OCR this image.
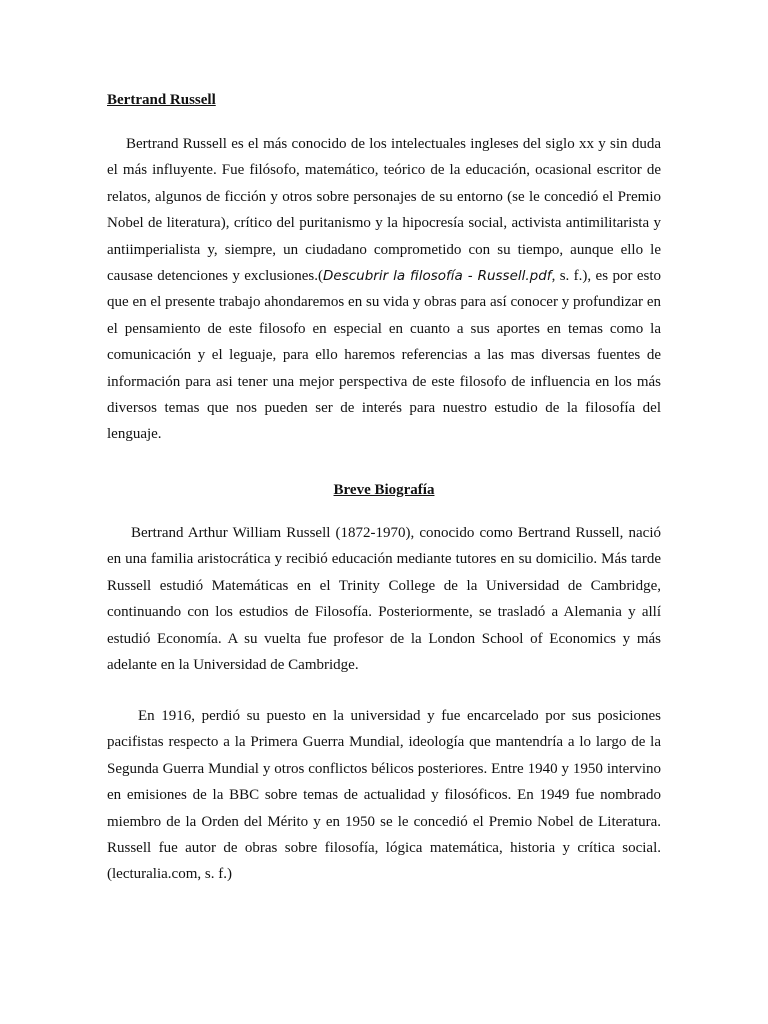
Bertrand Russell

Bertrand Russell es el más conocido de los intelectuales ingleses del siglo xx y sin duda el más influyente. Fue filósofo, matemático, teórico de la educación, ocasional escritor de relatos, algunos de ficción y otros sobre personajes de su entorno (se le concedió el Premio Nobel de literatura), crítico del puritanismo y la hipocresía social, activista antimilitarista y antiimperialista y, siempre, un ciudadano comprometido con su tiempo, aunque ello le causase detenciones y exclusiones.(Descubrir la filosofía - Russell.pdf, s. f.), es por esto que en el presente trabajo ahondaremos en su vida y obras para así conocer y profundizar en el pensamiento de este filosofo en especial en cuanto a sus aportes en temas como la comunicación y el leguaje, para ello haremos referencias a las mas diversas fuentes de información para asi tener una mejor perspectiva de este filosofo de influencia en los más diversos temas que nos pueden ser de interés para nuestro estudio de la filosofía del lenguaje.

Breve Biografía

Bertrand Arthur William Russell (1872-1970), conocido como Bertrand Russell, nació en una familia aristocrática y recibió educación mediante tutores en su domicilio. Más tarde Russell estudió Matemáticas en el Trinity College de la Universidad de Cambridge, continuando con los estudios de Filosofía. Posteriormente, se trasladó a Alemania y allí estudió Economía. A su vuelta fue profesor de la London School of Economics y más adelante en la Universidad de Cambridge.

En 1916, perdió su puesto en la universidad y fue encarcelado por sus posiciones pacifistas respecto a la Primera Guerra Mundial, ideología que mantendría a lo largo de la Segunda Guerra Mundial y otros conflictos bélicos posteriores. Entre 1940 y 1950 intervino en emisiones de la BBC sobre temas de actualidad y filosóficos. En 1949 fue nombrado miembro de la Orden del Mérito y en 1950 se le concedió el Premio Nobel de Literatura. Russell fue autor de obras sobre filosofía, lógica matemática, historia y crítica social. (lecturalia.com, s. f.)
